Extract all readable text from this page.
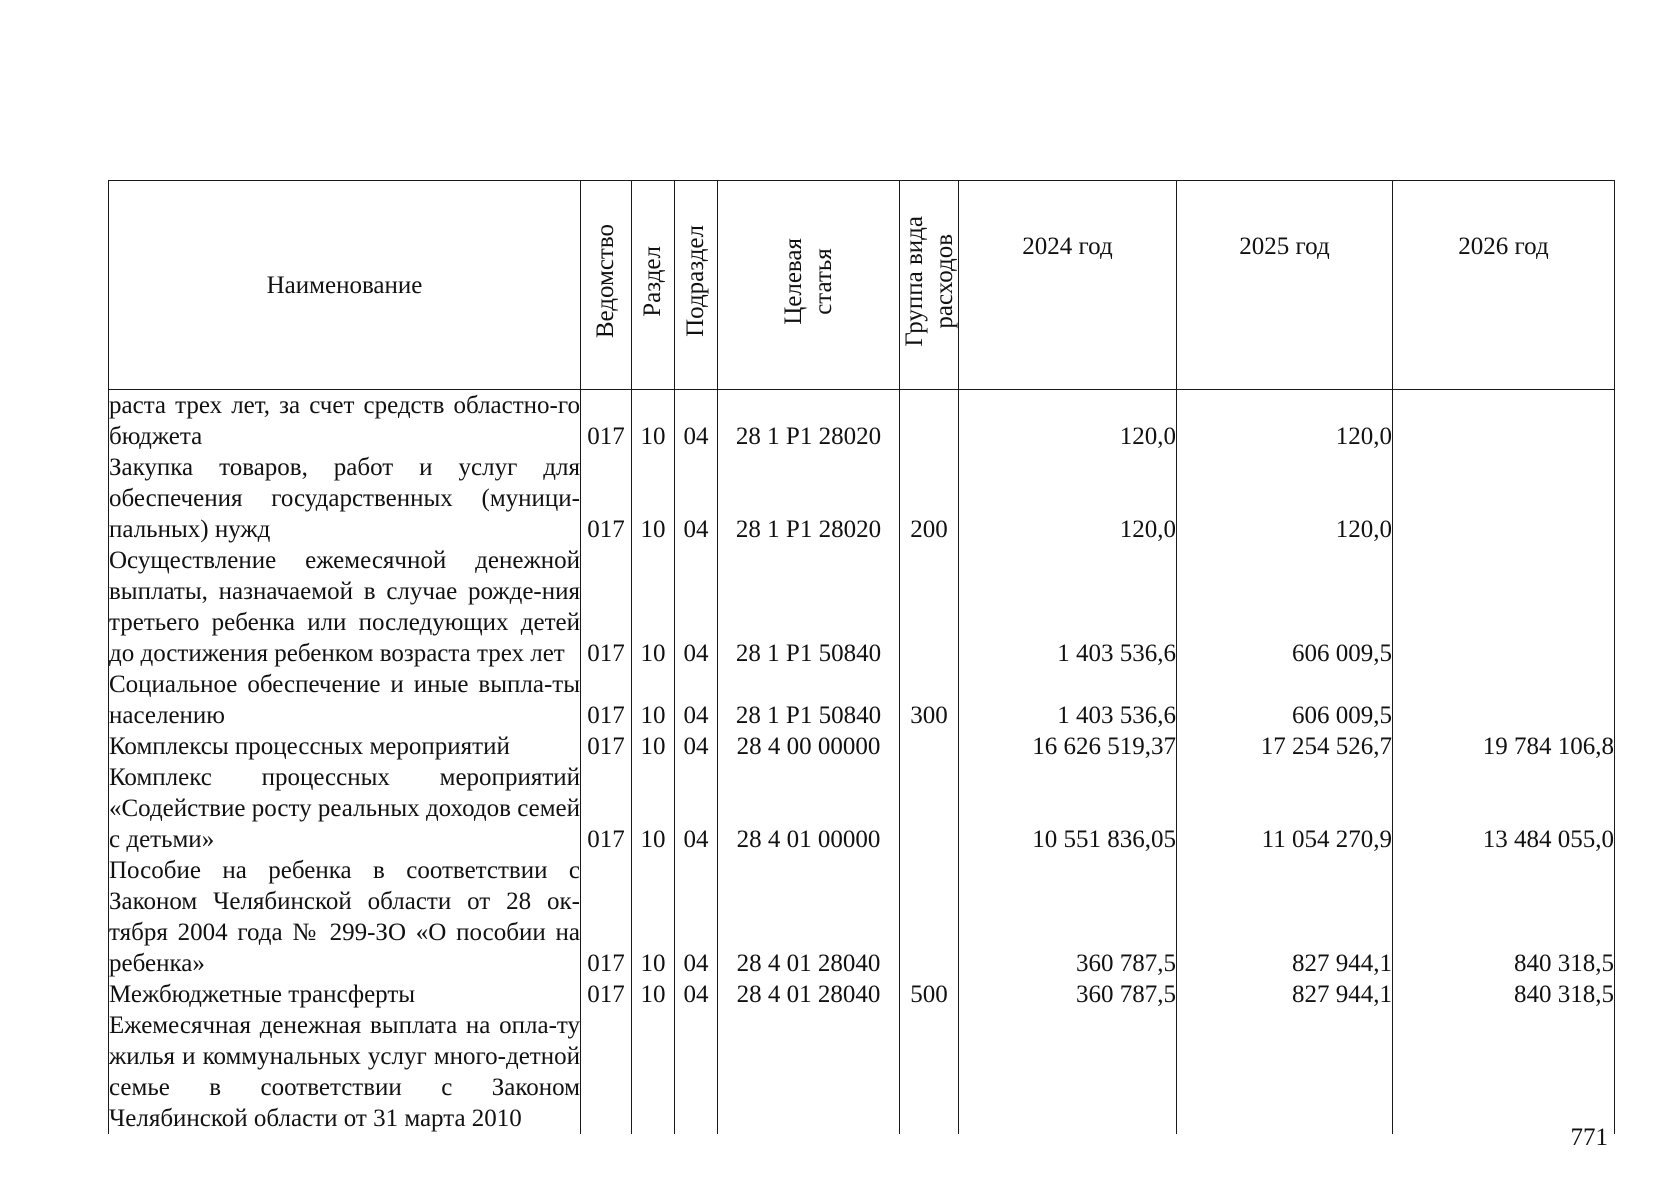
Наименование	Ведомство	Раздел	Подраздел	Целевая статья	Группа вида расходов	2024 год	2025 год	2026 год
раста трех лет, за счет средств областно-го бюджета	017	10	04	28 1 Р1 28020		120,0	120,0	
Закупка товаров, работ и услуг для обеспечения государственных (муници-пальных) нужд	017	10	04	28 1 Р1 28020	200	120,0	120,0	
Осуществление ежемесячной денежной выплаты, назначаемой в случае рожде-ния третьего ребенка или последующих детей до достижения ребенком возраста трех лет	017	10	04	28 1 Р1 50840		1 403 536,6	606 009,5	
Социальное обеспечение и иные выпла-ты населению	017	10	04	28 1 Р1 50840	300	1 403 536,6	606 009,5	
Комплексы процессных мероприятий	017	10	04	28 4 00 00000		16 626 519,37	17 254 526,7	19 784 106,8
Комплекс процессных мероприятий «Содействие росту реальных доходов семей с детьми»	017	10	04	28 4 01 00000		10 551 836,05	11 054 270,9	13 484 055,0
Пособие на ребенка в соответствии с Законом Челябинской области от 28 ок-тября 2004 года № 299-ЗО «О пособии на ребенка»	017	10	04	28 4 01 28040		360 787,5	827 944,1	840 318,5
Межбюджетные трансферты	017	10	04	28 4 01 28040	500	360 787,5	827 944,1	840 318,5
Ежемесячная денежная выплата на опла-ту жилья и коммунальных услуг много-детной семье в соответствии с Законом Челябинской области от 31 марта 2010								
771
